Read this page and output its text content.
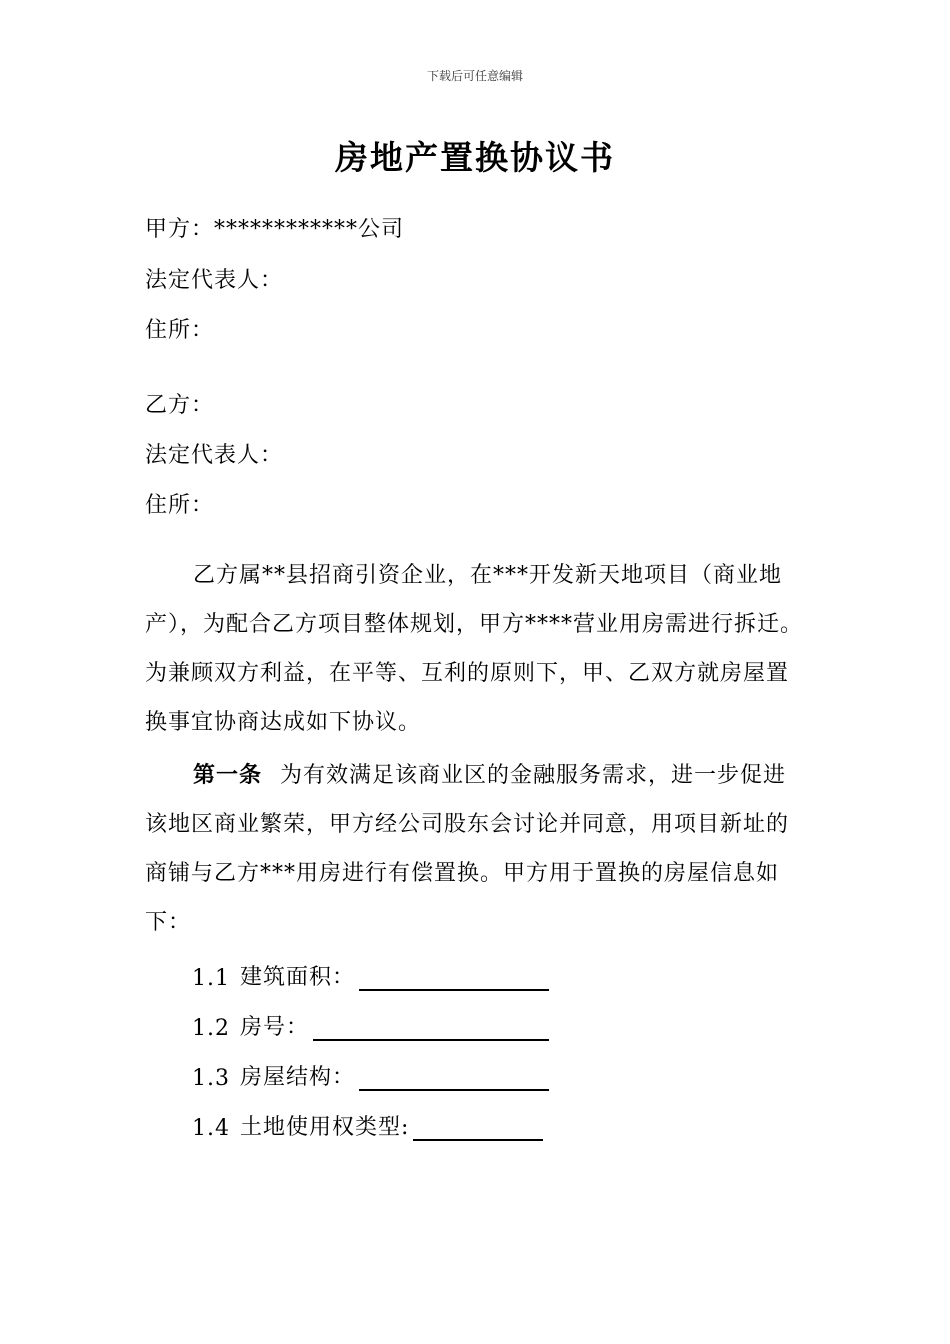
下载后可任意编辑
房地产置换协议书
甲方：************公司
法定代表人：
住所：
乙方：
法定代表人：
住所：

乙方属**县招商引资企业，在***开发新天地项目（商业地产），为配合乙方项目整体规划，甲方****营业用房需进行拆迁。为兼顾双方利益，在平等、互利的原则下，甲、乙双方就房屋置换事宜协商达成如下协议。

第一条 为有效满足该商业区的金融服务需求，进一步促进该地区商业繁荣，甲方经公司股东会讨论并同意，用项目新址的商铺与乙方***用房进行有偿置换。甲方用于置换的房屋信息如下：

1.1 建筑面积：
1.2 房号：
1.3 房屋结构：
1.4 土地使用权类型:
